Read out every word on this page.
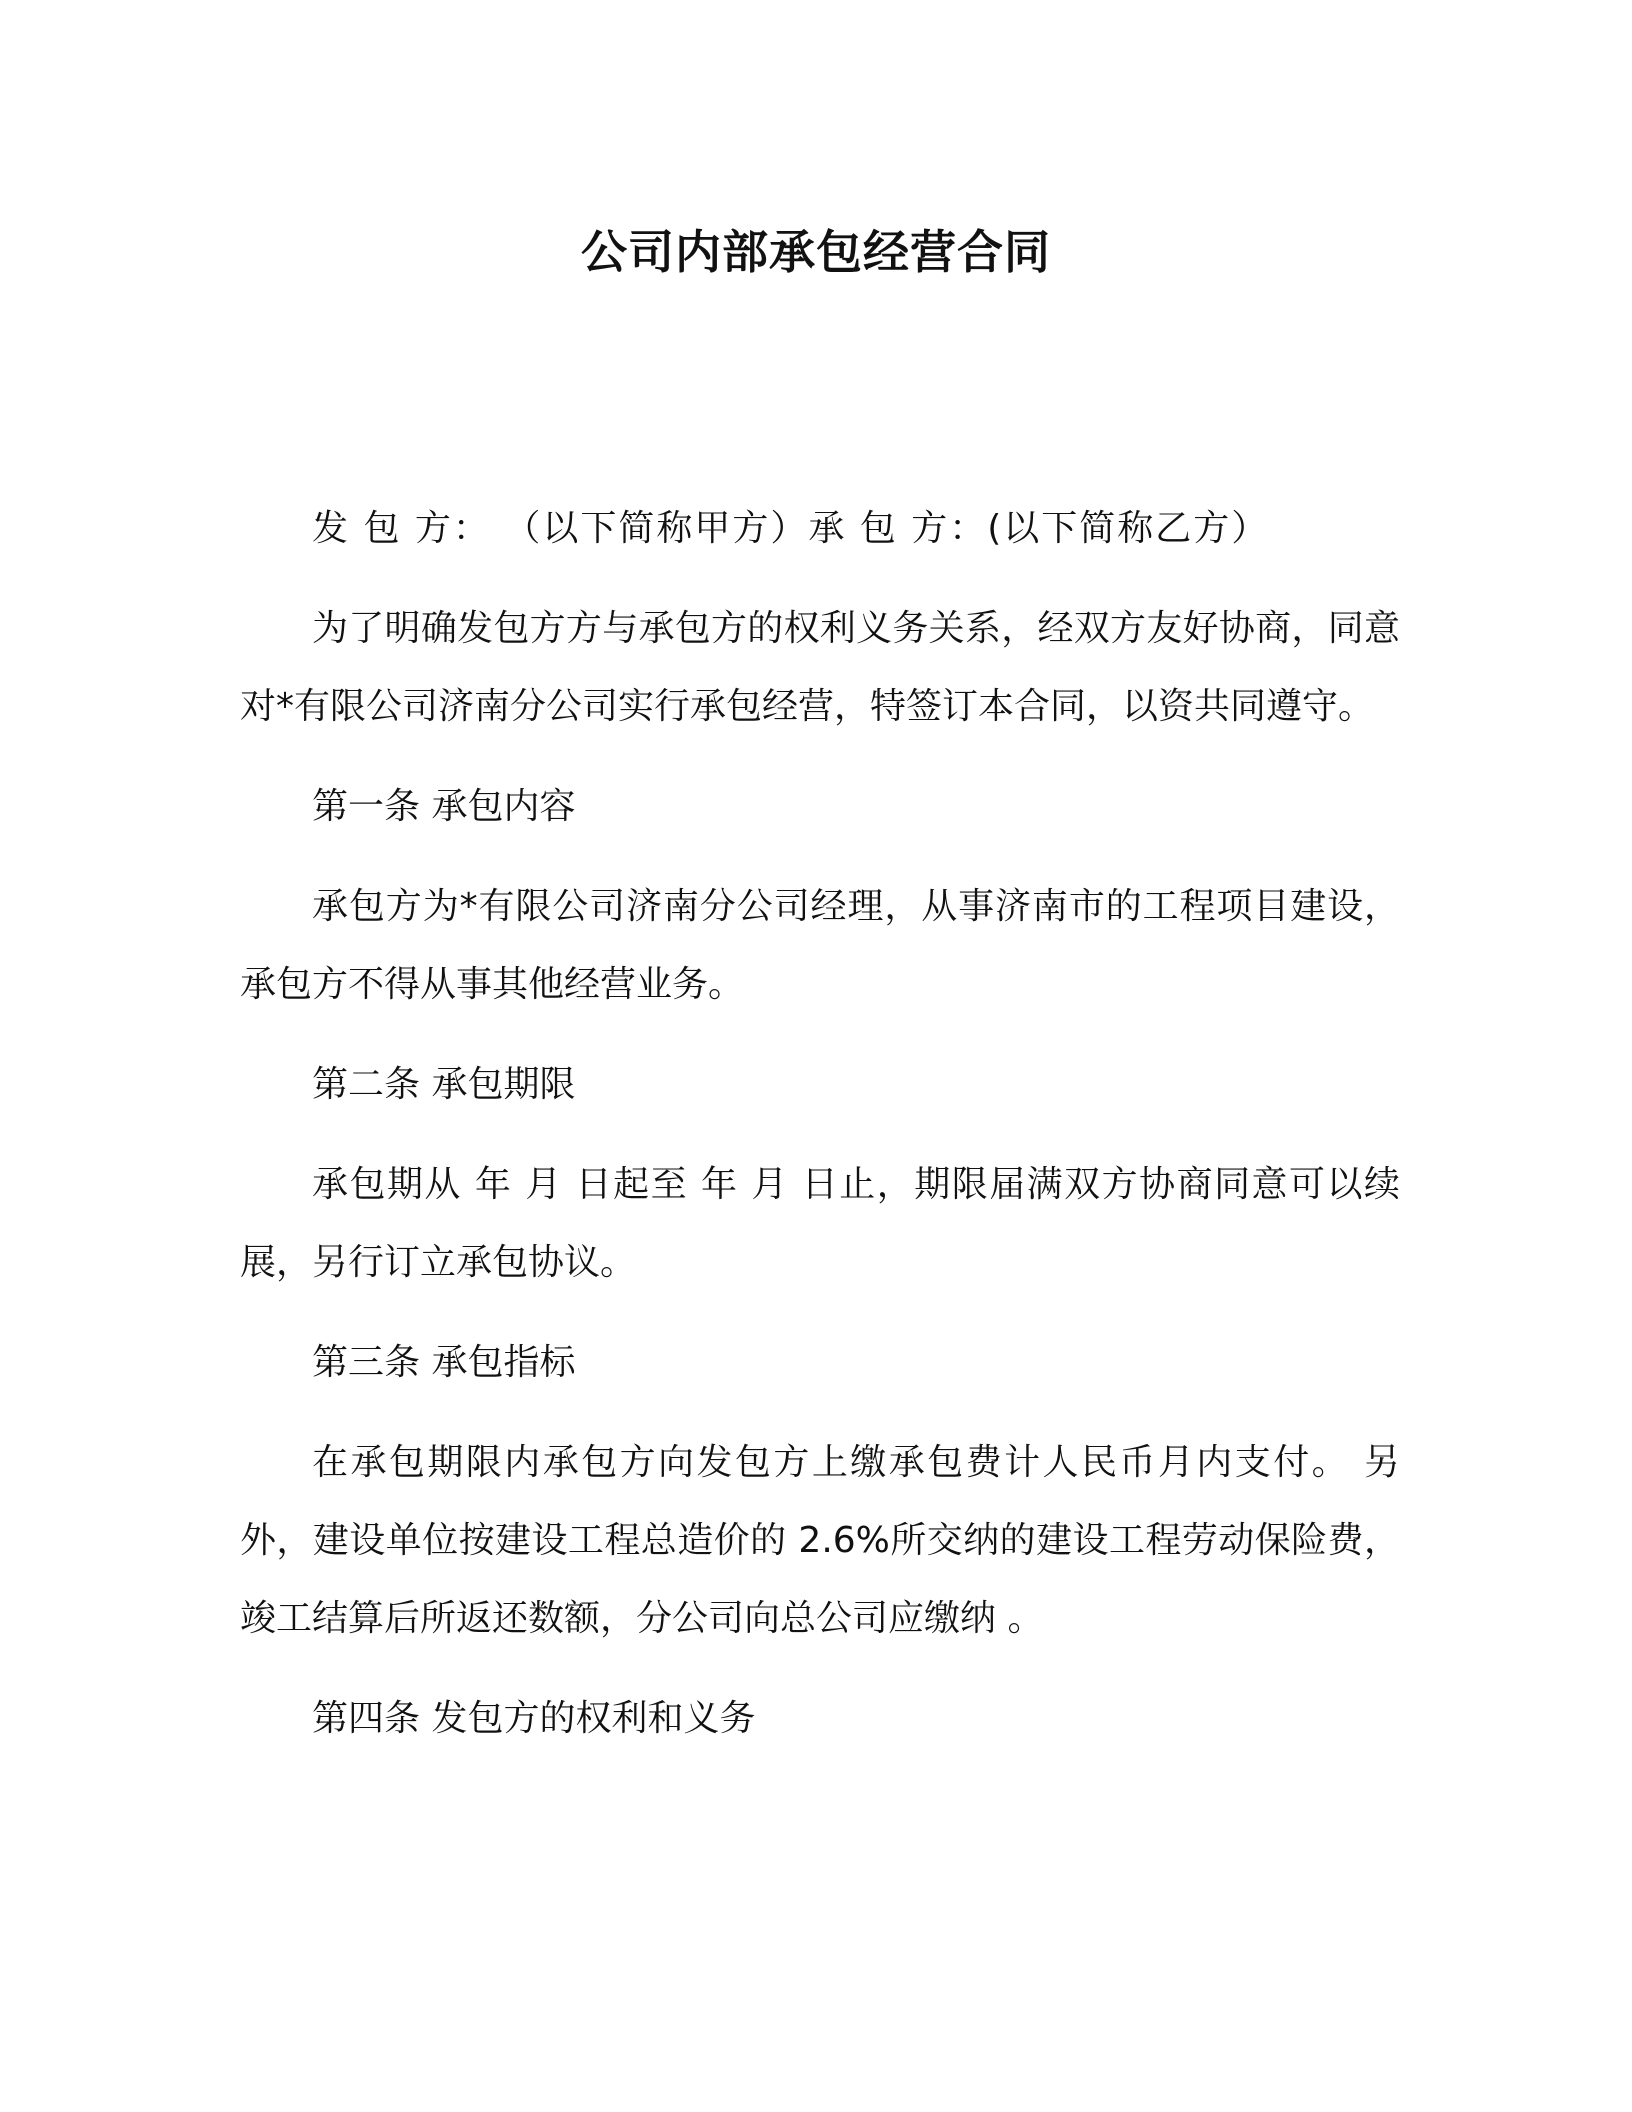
公司内部承包经营合同

发 包 方： （以下简称甲方）承 包 方：(以下简称乙方）

为了明确发包方方与承包方的权利义务关系，经双方友好协商，同意对*有限公司济南分公司实行承包经营，特签订本合同，以资共同遵守。

第一条 承包内容

承包方为*有限公司济南分公司经理，从事济南市的工程项目建设，承包方不得从事其他经营业务。

第二条 承包期限

承包期从 年 月 日起至 年 月 日止，期限届满双方协商同意可以续展，另行订立承包协议。

第三条 承包指标

在承包期限内承包方向发包方上缴承包费计人民币月内支付。 另外，建设单位按建设工程总造价的 2.6%所交纳的建设工程劳动保险费，竣工结算后所返还数额，分公司向总公司应缴纳 。

第四条 发包方的权利和义务
